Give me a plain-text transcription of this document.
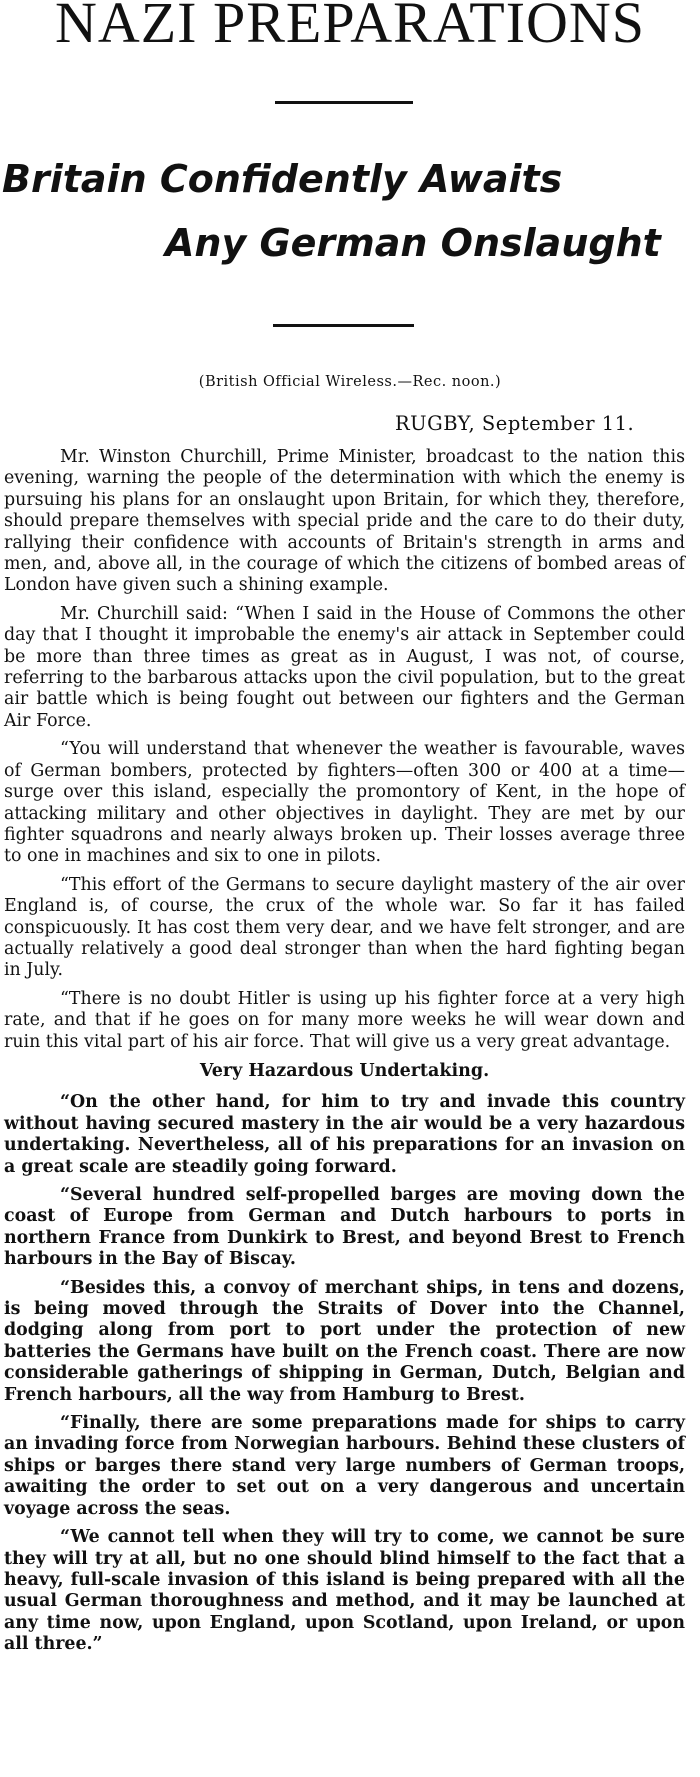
NAZI PREPARATIONS
Britain Confidently Awaits
Any German Onslaught
(British Official Wireless.—Rec. noon.)
RUGBY, September 11.

Mr. Winston Churchill, Prime Minister, broadcast to the nation this evening, warning the people of the determination with which the enemy is pursuing his plans for an onslaught upon Britain, for which they, therefore, should prepare themselves with special pride and the care to do their duty, rallying their confidence with accounts of Britain's strength in arms and men, and, above all, in the courage of which the citizens of bombed areas of London have given such a shining example.

Mr. Churchill said: “When I said in the House of Commons the other day that I thought it improbable the enemy's air attack in September could be more than three times as great as in August, I was not, of course, referring to the barbarous attacks upon the civil population, but to the great air battle which is being fought out between our fighters and the German Air Force.

“You will understand that whenever the weather is favourable, waves of German bombers, protected by fighters—often 300 or 400 at a time—surge over this island, especially the promontory of Kent, in the hope of attacking military and other objectives in daylight. They are met by our fighter squadrons and nearly always broken up. Their losses average three to one in machines and six to one in pilots.

“This effort of the Germans to secure daylight mastery of the air over England is, of course, the crux of the whole war. So far it has failed conspicuously. It has cost them very dear, and we have felt stronger, and are actually relatively a good deal stronger than when the hard fighting began in July.

“There is no doubt Hitler is using up his fighter force at a very high rate, and that if he goes on for many more weeks he will wear down and ruin this vital part of his air force. That will give us a very great advantage.

Very Hazardous Undertaking.

“On the other hand, for him to try and invade this country without having secured mastery in the air would be a very hazardous undertaking. Nevertheless, all of his preparations for an invasion on a great scale are steadily going forward.

“Several hundred self-propelled barges are moving down the coast of Europe from German and Dutch harbours to ports in northern France from Dunkirk to Brest, and beyond Brest to French harbours in the Bay of Biscay.

“Besides this, a convoy of merchant ships, in tens and dozens, is being moved through the Straits of Dover into the Channel, dodging along from port to port under the protection of new batteries the Germans have built on the French coast. There are now considerable gatherings of shipping in German, Dutch, Belgian and French harbours, all the way from Hamburg to Brest.

“Finally, there are some preparations made for ships to carry an invading force from Norwegian harbours. Behind these clusters of ships or barges there stand very large numbers of German troops, awaiting the order to set out on a very dangerous and uncertain voyage across the seas.

“We cannot tell when they will try to come, we cannot be sure they will try at all, but no one should blind himself to the fact that a heavy, full-scale invasion of this island is being prepared with all the usual German thoroughness and method, and it may be launched at any time now, upon England, upon Scotland, upon Ireland, or upon all three.”
